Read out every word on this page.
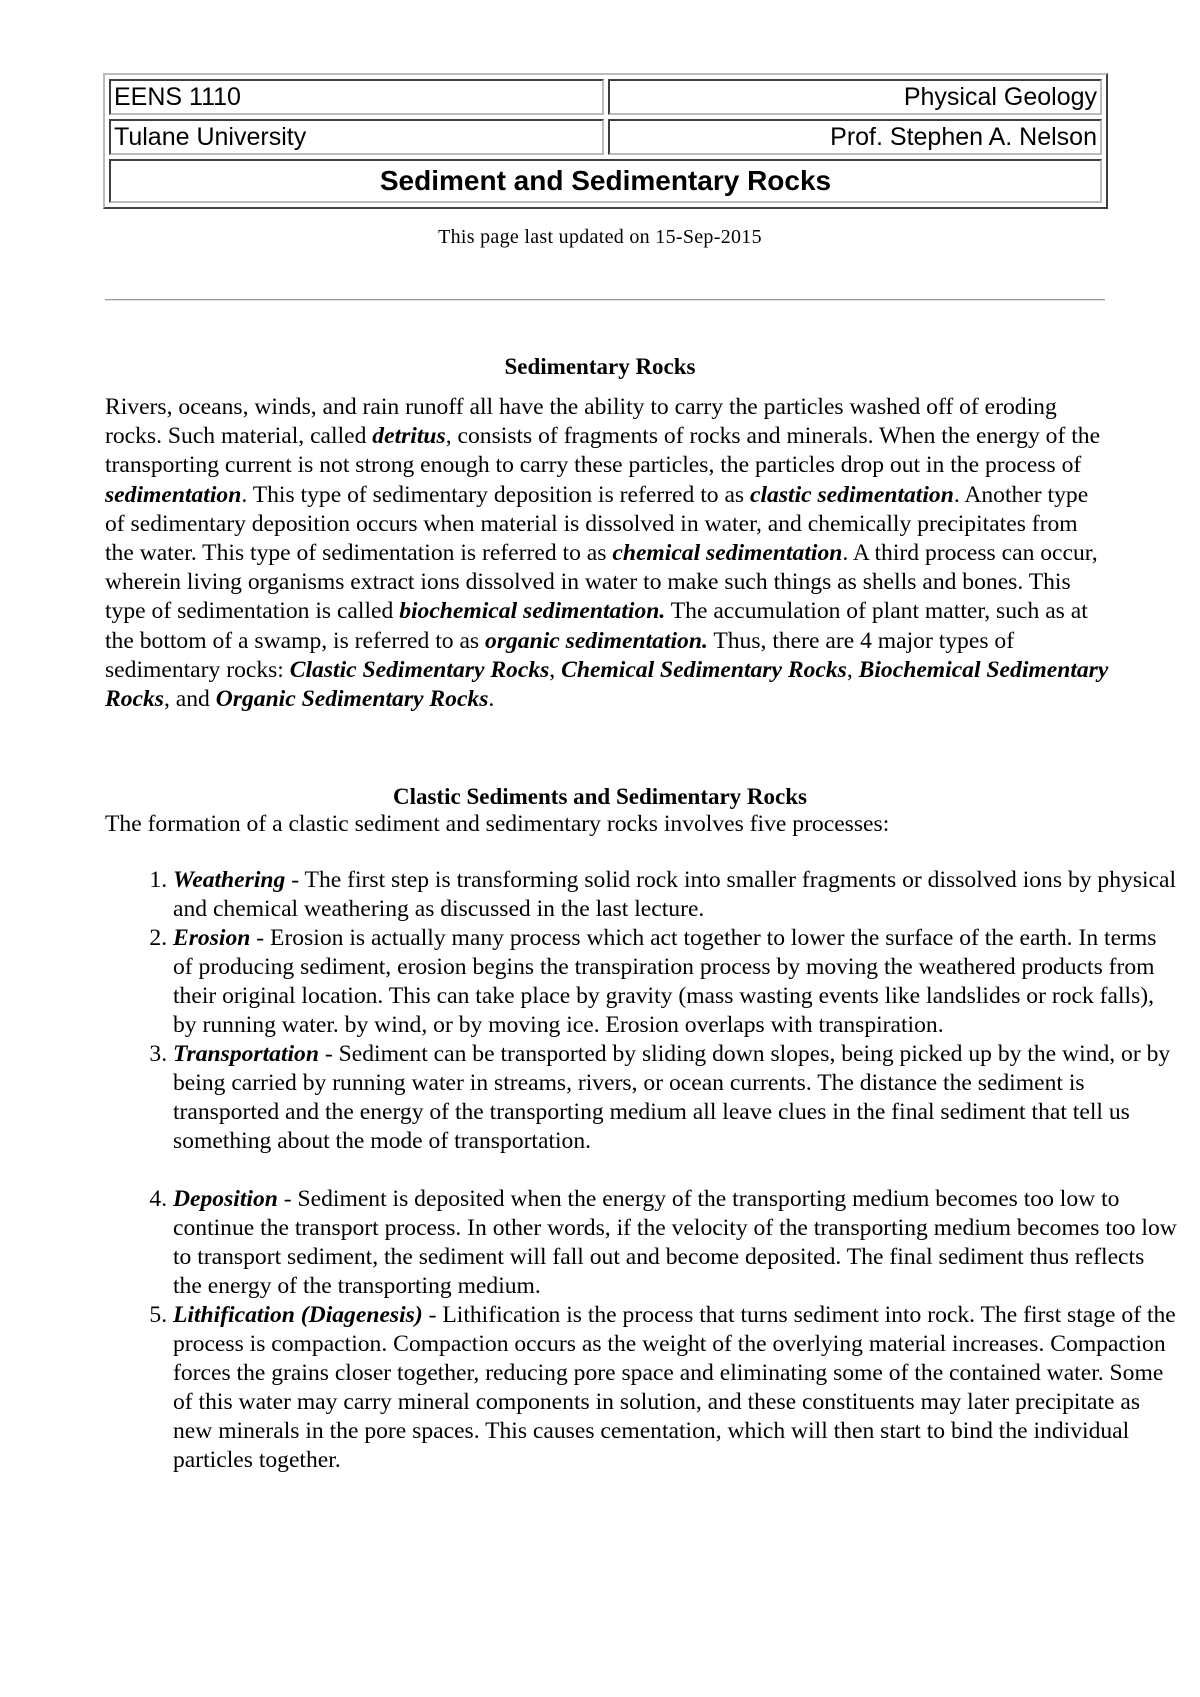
EENS 1110	Physical Geology
Tulane University	Prof. Stephen A. Nelson
Sediment and Sedimentary Rocks	
This page last updated on 15-Sep-2015
Sedimentary Rocks
Rivers, oceans, winds, and rain runoff all have the ability to carry the particles washed off of eroding rocks. Such material, called detritus, consists of fragments of rocks and minerals. When the energy of the transporting current is not strong enough to carry these particles, the particles drop out in the process of sedimentation. This type of sedimentary deposition is referred to as clastic sedimentation. Another type of sedimentary deposition occurs when material is dissolved in water, and chemically precipitates from the water. This type of sedimentation is referred to as chemical sedimentation. A third process can occur, wherein living organisms extract ions dissolved in water to make such things as shells and bones. This type of sedimentation is called biochemical sedimentation. The accumulation of plant matter, such as at the bottom of a swamp, is referred to as organic sedimentation. Thus, there are 4 major types of sedimentary rocks: Clastic Sedimentary Rocks, Chemical Sedimentary Rocks, Biochemical Sedimentary Rocks, and Organic Sedimentary Rocks.
Clastic Sediments and Sedimentary Rocks
The formation of a clastic sediment and sedimentary rocks involves five processes:
1. Weathering - The first step is transforming solid rock into smaller fragments or dissolved ions by physical and chemical weathering as discussed in the last lecture.
2. Erosion - Erosion is actually many process which act together to lower the surface of the earth. In terms of producing sediment, erosion begins the transpiration process by moving the weathered products from their original location. This can take place by gravity (mass wasting events like landslides or rock falls), by running water. by wind, or by moving ice. Erosion overlaps with transpiration.
3. Transportation - Sediment can be transported by sliding down slopes, being picked up by the wind, or by being carried by running water in streams, rivers, or ocean currents. The distance the sediment is transported and the energy of the transporting medium all leave clues in the final sediment that tell us something about the mode of transportation.
4. Deposition - Sediment is deposited when the energy of the transporting medium becomes too low to continue the transport process. In other words, if the velocity of the transporting medium becomes too low to transport sediment, the sediment will fall out and become deposited. The final sediment thus reflects the energy of the transporting medium.
5. Lithification (Diagenesis) - Lithification is the process that turns sediment into rock. The first stage of the process is compaction. Compaction occurs as the weight of the overlying material increases. Compaction forces the grains closer together, reducing pore space and eliminating some of the contained water. Some of this water may carry mineral components in solution, and these constituents may later precipitate as new minerals in the pore spaces. This causes cementation, which will then start to bind the individual particles together.
